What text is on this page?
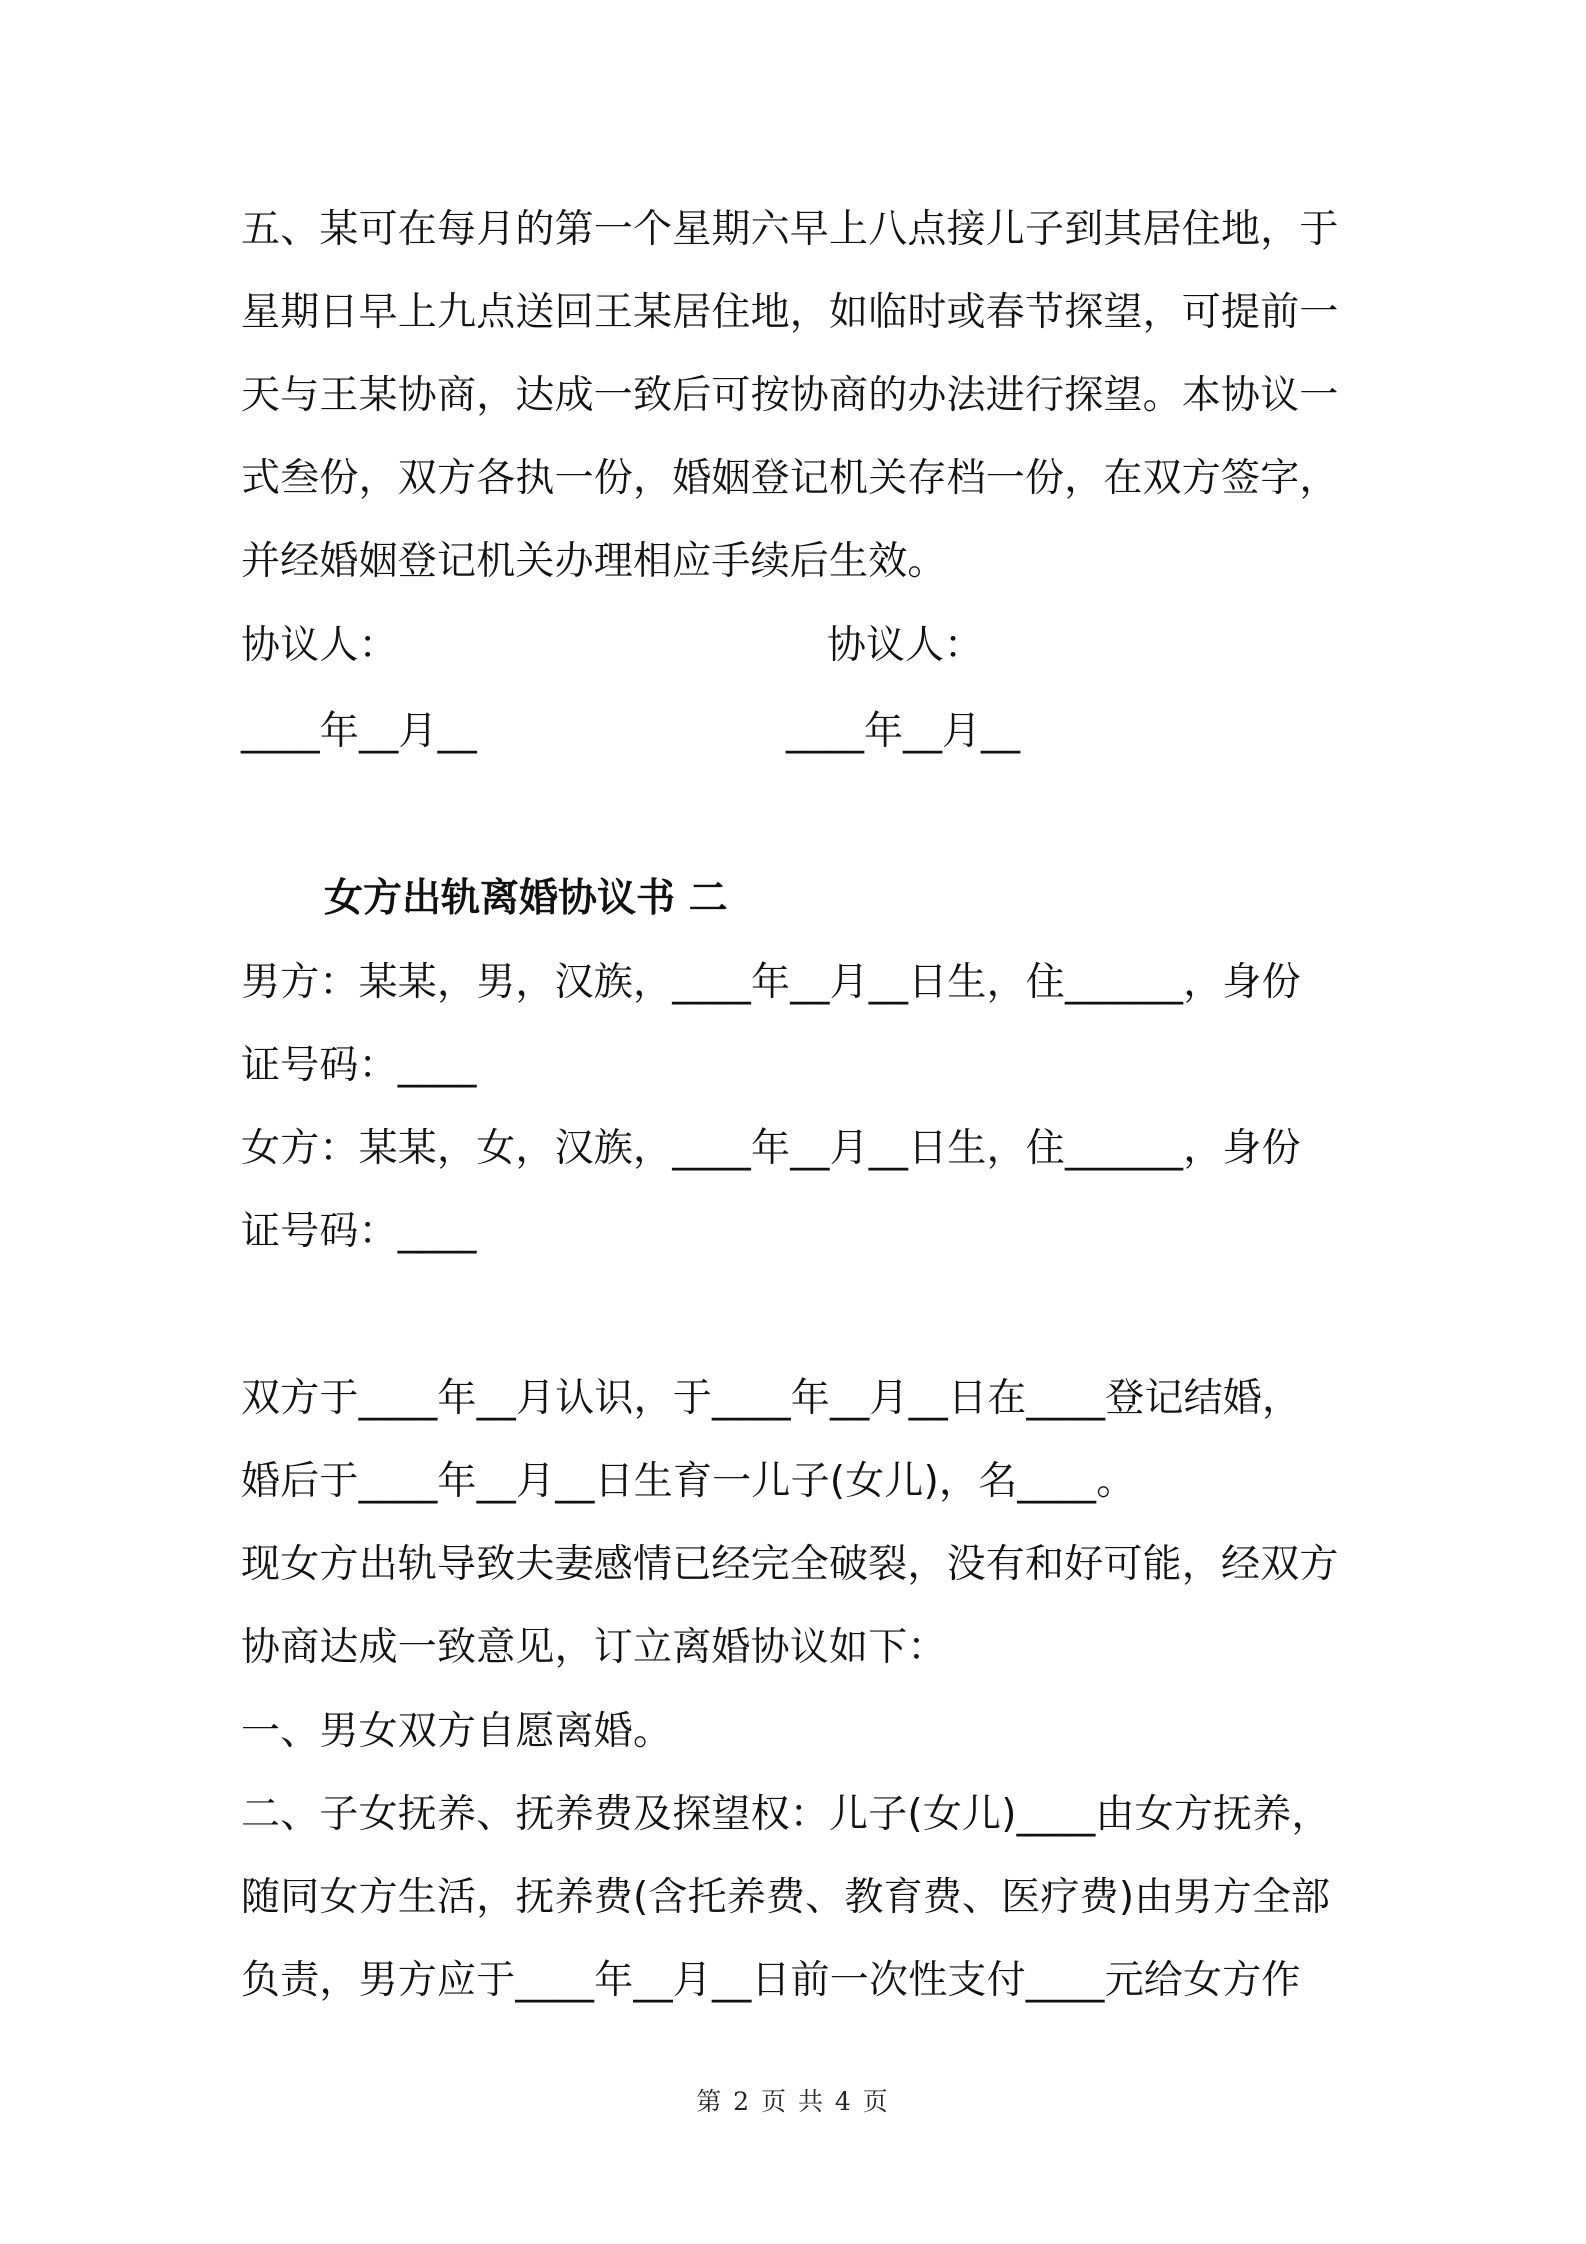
五、某可在每月的第一个星期六早上八点接儿子到其居住地，于
星期日早上九点送回王某居住地，如临时或春节探望，可提前一
天与王某协商，达成一致后可按协商的办法进行探望。本协议一
式叁份，双方各执一份，婚姻登记机关存档一份，在双方签字，
并经婚姻登记机关办理相应手续后生效。
协议人：	协议人：
____年__月__	____年__月__
女方出轨离婚协议书 二
男方：某某，男，汉族，____年__月__日生，住______，身份
证号码：____
女方：某某，女，汉族，____年__月__日生，住______，身份
证号码：____
双方于____年__月认识，于____年__月__日在____登记结婚，
婚后于____年__月__日生育一儿子(女儿)，名____。
现女方出轨导致夫妻感情已经完全破裂，没有和好可能，经双方
协商达成一致意见，订立离婚协议如下：
一、男女双方自愿离婚。
二、子女抚养、抚养费及探望权：儿子(女儿)____由女方抚养，
随同女方生活，抚养费(含托养费、教育费、医疗费)由男方全部
负责，男方应于____年__月__日前一次性支付____元给女方作
第 2 页 共 4 页
